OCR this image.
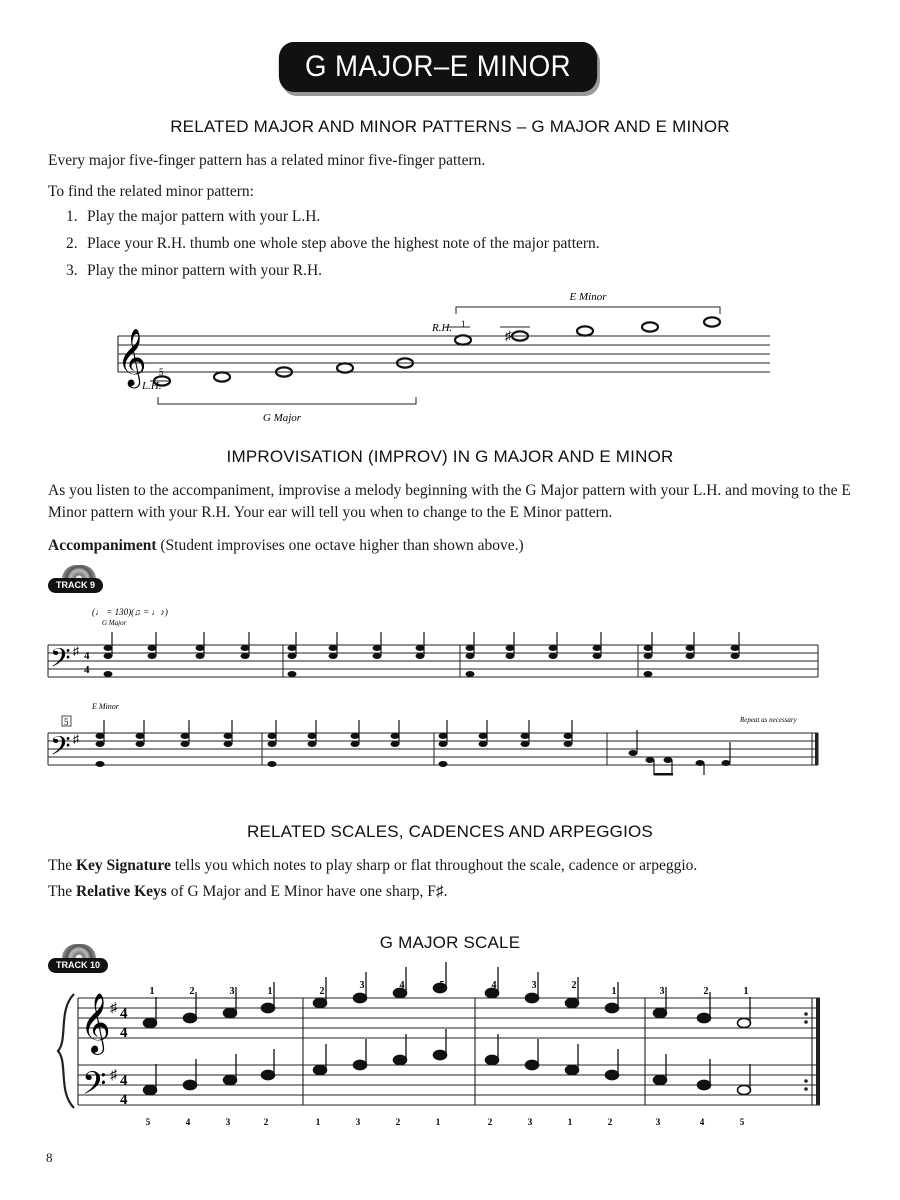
G MAJOR–E MINOR
RELATED MAJOR AND MINOR PATTERNS – G MAJOR AND E MINOR
Every major five-finger pattern has a related minor five-finger pattern.
To find the related minor pattern:
1. Play the major pattern with your L.H.
2. Place your R.H. thumb one whole step above the highest note of the major pattern.
3. Play the minor pattern with your R.H.
𝄞	♯
5
L.H.
1
R.H.
G Major
E Minor
IMPROVISATION (IMPROV) IN G MAJOR AND E MINOR
As you listen to the accompaniment, improvise a melody beginning with the G Major pattern with your L.H. and moving to the E Minor pattern with your R.H. Your ear will tell you when to change to the E Minor pattern.
Accompaniment (Student improvises one octave higher than shown above.)
TRACK 9
𝄢
𝄢
♯
♯
4
4
(♩ = 130)(♫ = ♩♪)
G Major
E Minor
5	Repeat as necessary
RELATED SCALES, CADENCES AND ARPEGGIOS
The Key Signature tells you which notes to play sharp or flat throughout the scale, cadence or arpeggio.
The Relative Keys of G Major and E Minor have one sharp, F♯.
G MAJOR SCALE
TRACK 10
𝄞
𝄢
♯
♯
4
4
4
4
1
5
2
4
3
3
1
2
2
1
3
3
4
2
5
1
4
2
3
3
2
1
1
2
3
3
2
4
1
5
8
